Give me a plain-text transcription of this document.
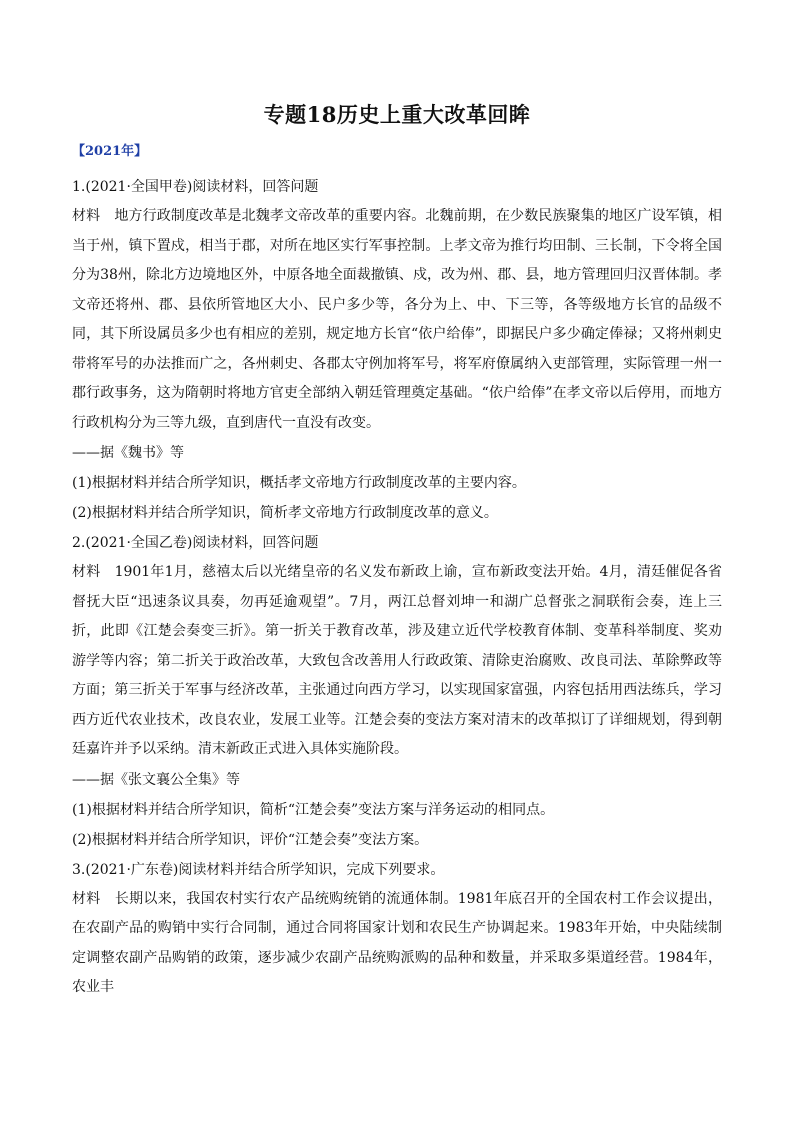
专题18历史上重大改革回眸
【2021年】

1.(2021·全国甲卷)阅读材料，回答问题

材料　地方行政制度改革是北魏孝文帝改革的重要内容。北魏前期，在少数民族聚集的地区广设军镇，相当于州，镇下置戍，相当于郡，对所在地区实行军事控制。上孝文帝为推行均田制、三长制，下令将全国分为38州，除北方边境地区外，中原各地全面裁撤镇、戍，改为州、郡、县，地方管理回归汉晋体制。孝文帝还将州、郡、县依所管地区大小、民户多少等，各分为上、中、下三等，各等级地方长官的品级不同，其下所设属员多少也有相应的差别，规定地方长官“依户给俸”，即据民户多少确定俸禄；又将州刺史带将军号的办法推而广之，各州刺史、各郡太守例加将军号，将军府僚属纳入吏部管理，实际管理一州一郡行政事务，这为隋朝时将地方官吏全部纳入朝廷管理奠定基础。“依户给俸”在孝文帝以后停用，而地方行政机构分为三等九级，直到唐代一直没有改变。

——据《魏书》等

(1)根据材料并结合所学知识，概括孝文帝地方行政制度改革的主要内容。

(2)根据材料并结合所学知识，简析孝文帝地方行政制度改革的意义。

2.(2021·全国乙卷)阅读材料，回答问题

材料　1901年1月，慈禧太后以光绪皇帝的名义发布新政上谕，宣布新政变法开始。4月，清廷催促各省督抚大臣“迅速条议具奏，勿再延逾观望”。7月，两江总督刘坤一和湖广总督张之洞联衔会奏，连上三折，此即《江楚会奏变三折》。第一折关于教育改革，涉及建立近代学校教育体制、变革科举制度、奖劝游学等内容；第二折关于政治改革，大致包含改善用人行政政策、清除吏治腐败、改良司法、革除弊政等方面；第三折关于军事与经济改革，主张通过向西方学习，以实现国家富强，内容包括用西法练兵，学习西方近代农业技术，改良农业，发展工业等。江楚会奏的变法方案对清末的改革拟订了详细规划，得到朝廷嘉许并予以采纳。清末新政正式进入具体实施阶段。

——据《张文襄公全集》等

(1)根据材料并结合所学知识，简析“江楚会奏”变法方案与洋务运动的相同点。

(2)根据材料并结合所学知识，评价“江楚会奏”变法方案。

3.(2021·广东卷)阅读材料并结合所学知识，完成下列要求。

材料　长期以来，我国农村实行农产品统购统销的流通体制。1981年底召开的全国农村工作会议提出，在农副产品的购销中实行合同制，通过合同将国家计划和农民生产协调起来。1983年开始，中央陆续制定调整农副产品购销的政策，逐步减少农副产品统购派购的品种和数量，并采取多渠道经营。1984年，农业丰
